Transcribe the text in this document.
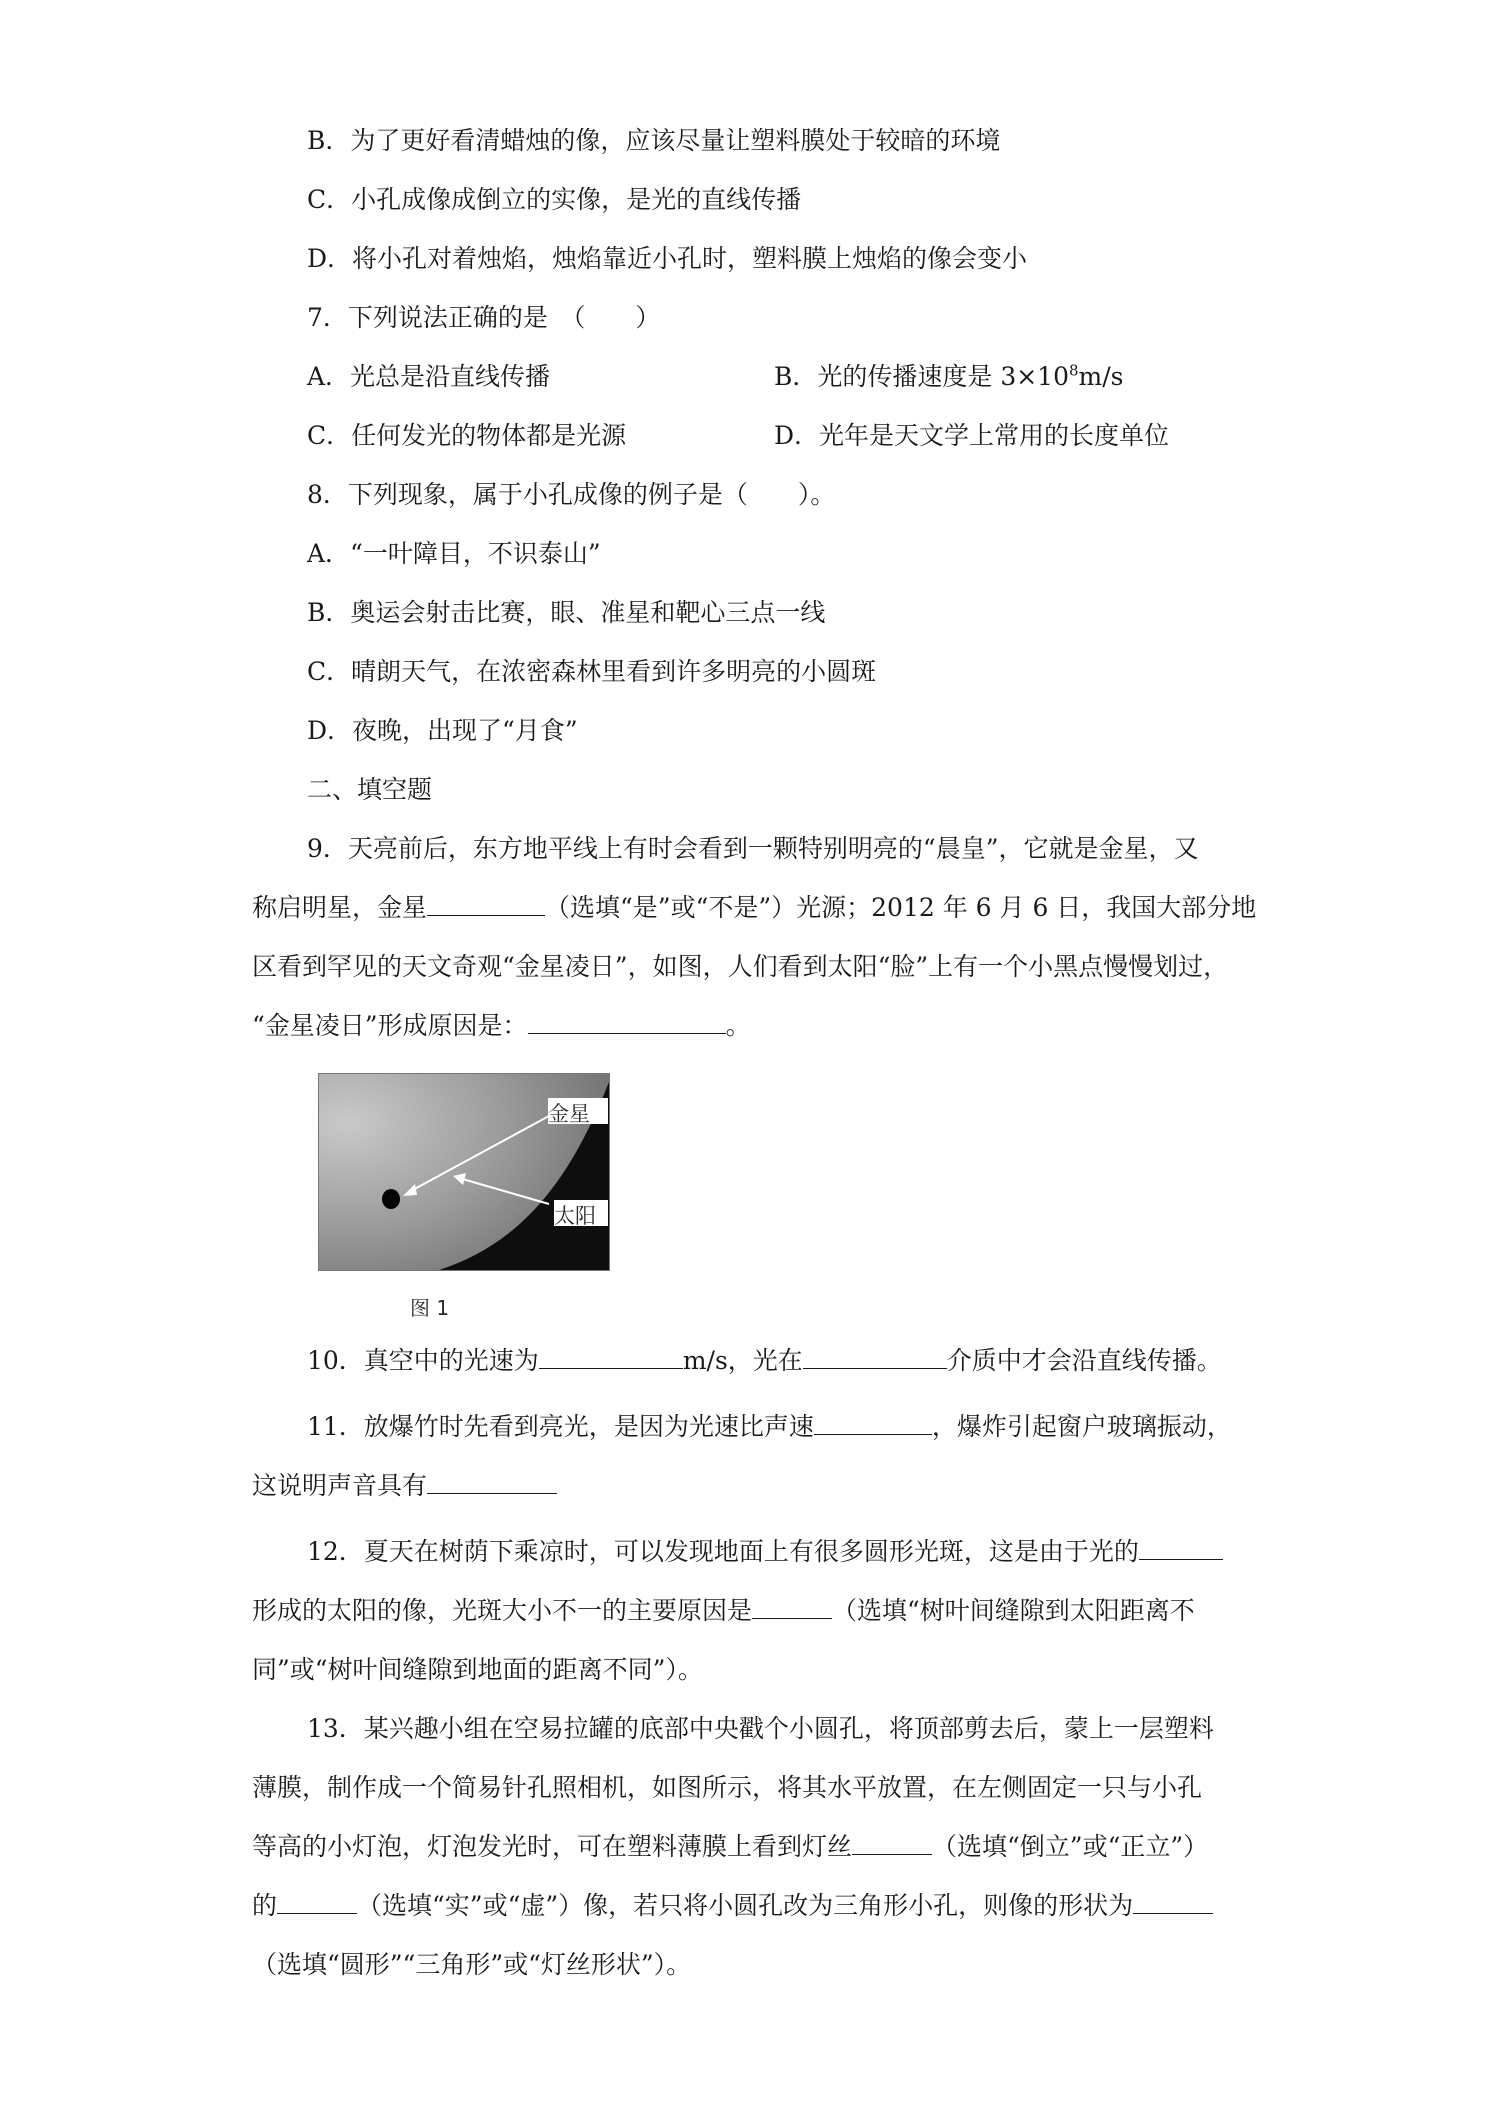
B．为了更好看清蜡烛的像，应该尽量让塑料膜处于较暗的环境
C．小孔成像成倒立的实像，是光的直线传播
D．将小孔对着烛焰，烛焰靠近小孔时，塑料膜上烛焰的像会变小
7．下列说法正确的是　（　　）
A．光总是沿直线传播	B．光的传播速度是 $3\times 10^8m/s$
C．任何发光的物体都是光源	D．光年是天文学上常用的长度单位
8．下列现象，属于小孔成像的例子是（　　）。
A．“一叶障目，不识泰山”
B．奥运会射击比赛，眼、准星和靶心三点一线
C．晴朗天气，在浓密森林里看到许多明亮的小圆斑
D．夜晚，出现了“月食”
二、填空题
9．天亮前后，东方地平线上有时会看到一颗特别明亮的“晨皇”，它就是金星，又
称启明星，金星	（选填“是”或“不是”）光源；2012 年 6 月 6 日，我国大部分地
区看到罕见的天文奇观“金星凌日”，如图，人们看到太阳“脸”上有一个小黑点慢慢划过，
“金星凌日”形成原因是：	。
金星
太阳
图 1
10．真空中的光速为	m/s，光在	介质中才会沿直线传播。
11．放爆竹时先看到亮光，是因为光速比声速	，爆炸引起窗户玻璃振动，
这说明声音具有
12．夏天在树荫下乘凉时，可以发现地面上有很多圆形光斑，这是由于光的
形成的太阳的像，光斑大小不一的主要原因是	（选填“树叶间缝隙到太阳距离不
同”或“树叶间缝隙到地面的距离不同”）。
13．某兴趣小组在空易拉罐的底部中央戳个小圆孔，将顶部剪去后，蒙上一层塑料
薄膜，制作成一个简易针孔照相机，如图所示，将其水平放置，在左侧固定一只与小孔
等高的小灯泡，灯泡发光时，可在塑料薄膜上看到灯丝	（选填“倒立”或“正立”）
的	（选填“实”或“虚”）像，若只将小圆孔改为三角形小孔，则像的形状为
（选填“圆形”“三角形”或“灯丝形状”）。
